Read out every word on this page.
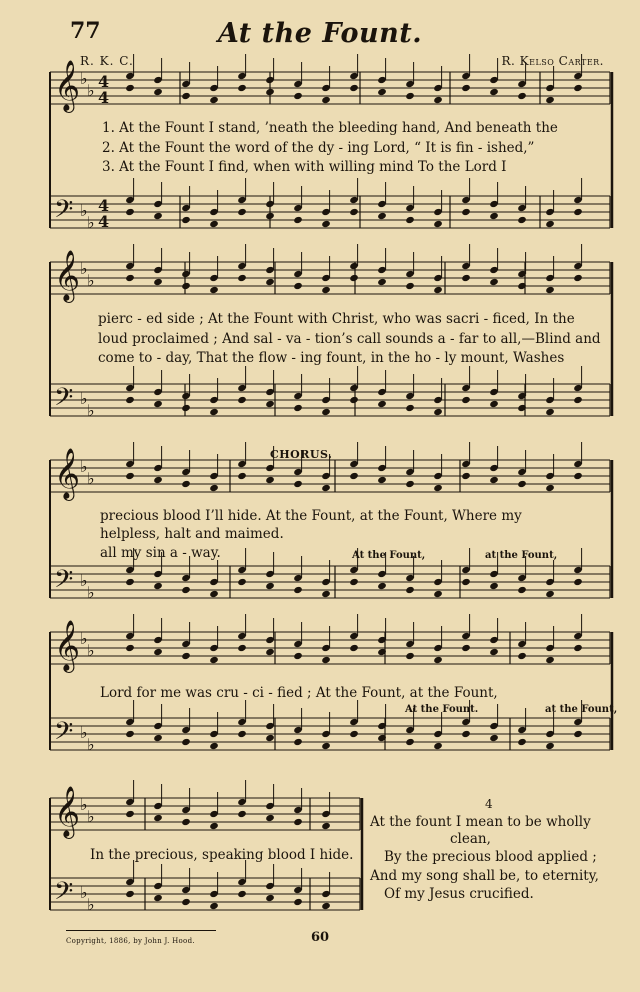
77	At the Fount.
R. K. C.	R. Kelso Carter.
𝄞
𝄢
♭
♭
♭
♭
4
4
4
4
𝄞
𝄢
♭
♭
♭
♭
𝄞
𝄢
♭
♭
♭
♭
𝄞
𝄢
♭
♭
♭
♭
𝄞
𝄢
♭
♭
♭
♭
1. At the Fount I stand, ’neath the bleeding hand, And beneath the
2. At the Fount the word of the dy - ing Lord, “ It is fin - ished,”
3. At the Fount I find, when with willing mind To the Lord I
pierc - ed side ; At the Fount with Christ, who was sacri - ficed, In the
loud proclaimed ; And sal - va - tion’s call sounds a - far to all,—Blind and
come to - day, That the flow - ing fount, in the ho - ly mount, Washes
CHORUS.
precious blood I’ll hide. At the Fount, at the Fount, Where my
helpless, halt and maimed.
all my sin a - way.	At the Fount,	at the Fount,
Lord for me was cru - ci - fied ; At the Fount, at the Fount,
At the Fount.	at the Fount,
In the precious, speaking blood I hide.
4
At the fount I mean to be wholly
clean,
By the precious blood applied ;
And my song shall be, to eternity,
Of my Jesus crucified.
Copyright, 1886, by John J. Hood.	60
